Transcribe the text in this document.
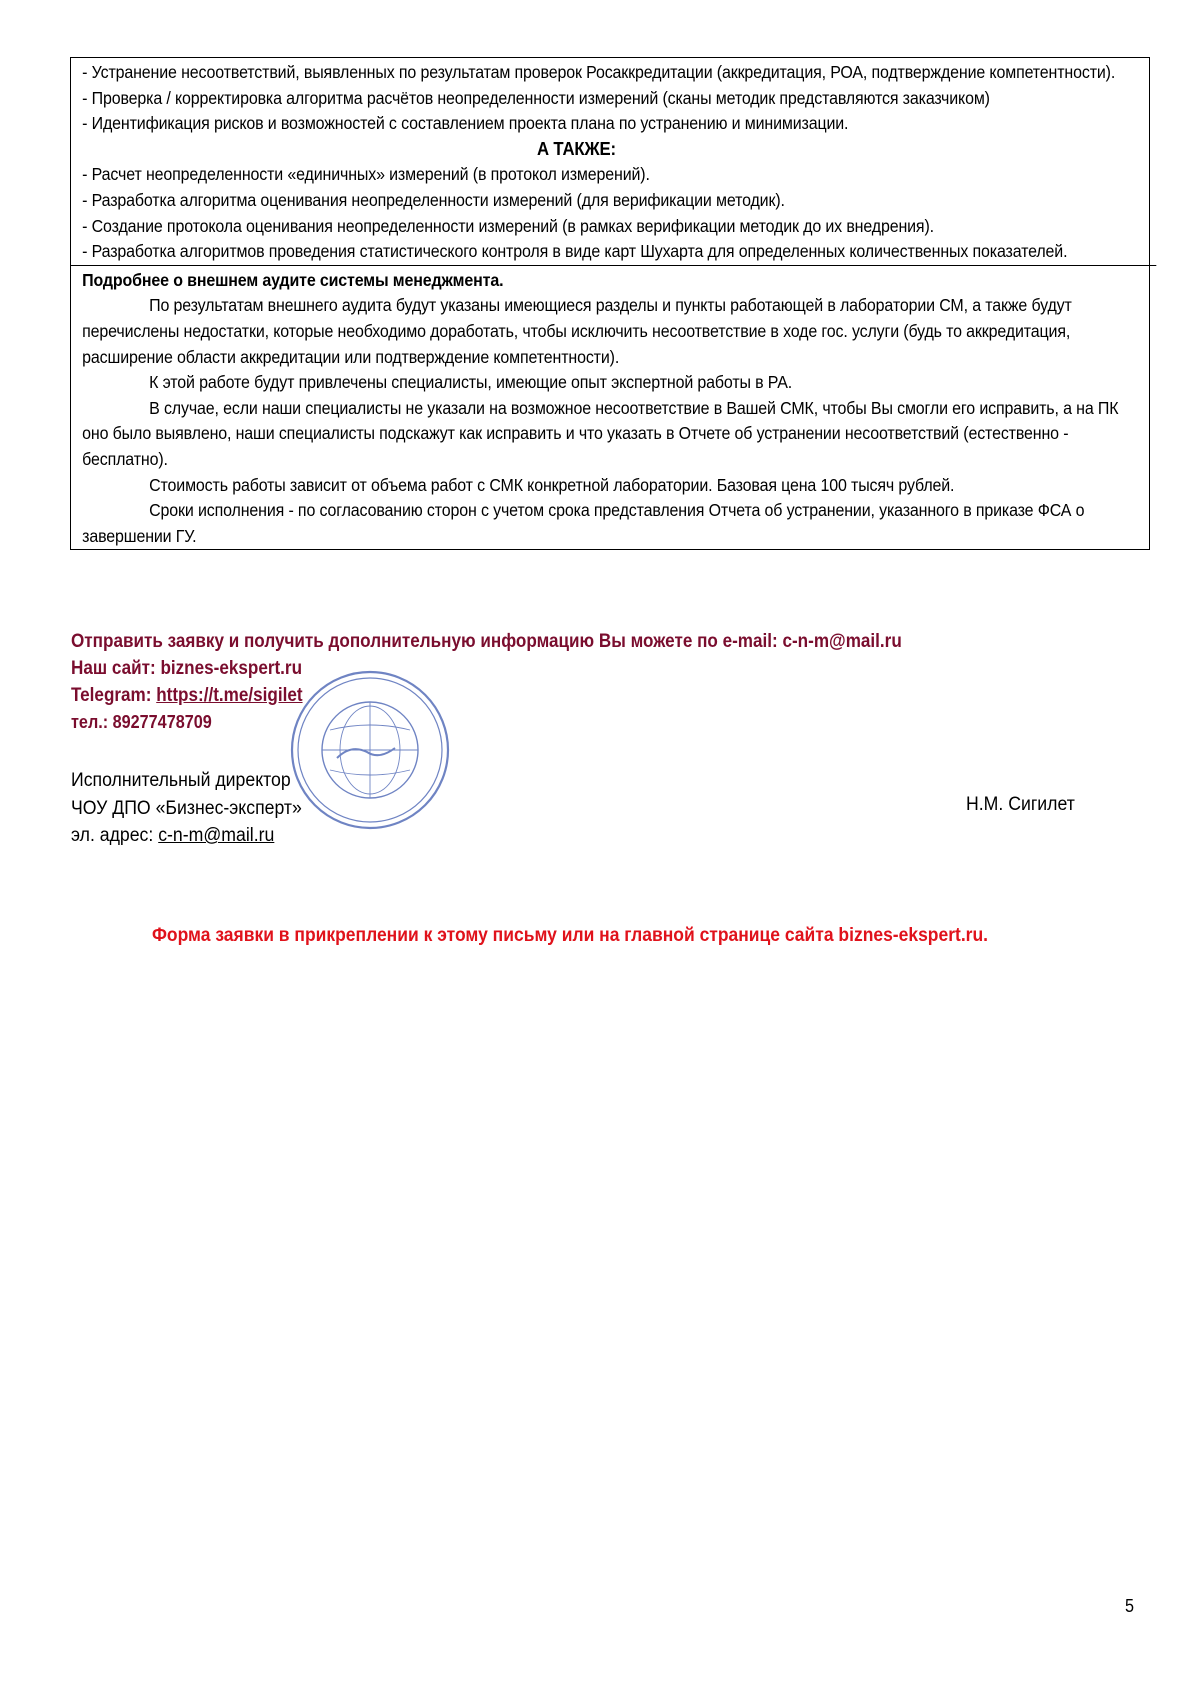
- Устранение несоответствий, выявленных по результатам проверок Росаккредитации (аккредитация, РОА, подтверждение компетентности).

- Проверка / корректировка алгоритма расчётов неопределенности измерений (сканы методик представляются заказчиком)

- Идентификация рисков и возможностей с составлением проекта плана по устранению и минимизации.

А ТАКЖЕ:

- Расчет неопределенности «единичных» измерений (в протокол измерений).

- Разработка алгоритма оценивания неопределенности измерений (для верификации методик).

- Создание протокола оценивания неопределенности измерений (в рамках верификации методик до их внедрения).

- Разработка алгоритмов проведения статистического контроля в виде карт Шухарта для определенных количественных показателей.

Подробнее о внешнем аудите системы менеджмента.

По результатам внешнего аудита будут указаны имеющиеся разделы и пункты работающей в лаборатории СМ, а также будут перечислены недостатки, которые необходимо доработать, чтобы исключить несоответствие в ходе гос. услуги (будь то аккредитация, расширение области аккредитации или подтверждение компетентности).

К этой работе будут привлечены специалисты, имеющие опыт экспертной работы в РА.

В случае, если наши специалисты не указали на возможное несоответствие в Вашей СМК, чтобы Вы смогли его исправить, а на ПК оно было выявлено, наши специалисты подскажут как исправить и что указать в Отчете об устранении несоответствий (естественно - бесплатно).

Стоимость работы зависит от объема работ с СМК конкретной лаборатории. Базовая цена 100 тысяч рублей.

Сроки исполнения - по согласованию сторон с учетом срока представления Отчета об устранении, указанного в приказе ФСА о завершении ГУ.

Отправить заявку и получить дополнительную информацию Вы можете по e-mail: c-n-m@mail.ru
Наш сайт: biznes-ekspert.ru
Telegram: https://t.me/sigilet
тел.: 89277478709
Исполнительный директор
ЧОУ ДПО «Бизнес-эксперт»
эл. адрес: c-n-m@mail.ru
Н.М. Сигилет
Форма заявки в прикреплении к этому письму или на главной странице сайта biznes-ekspert.ru.
5
